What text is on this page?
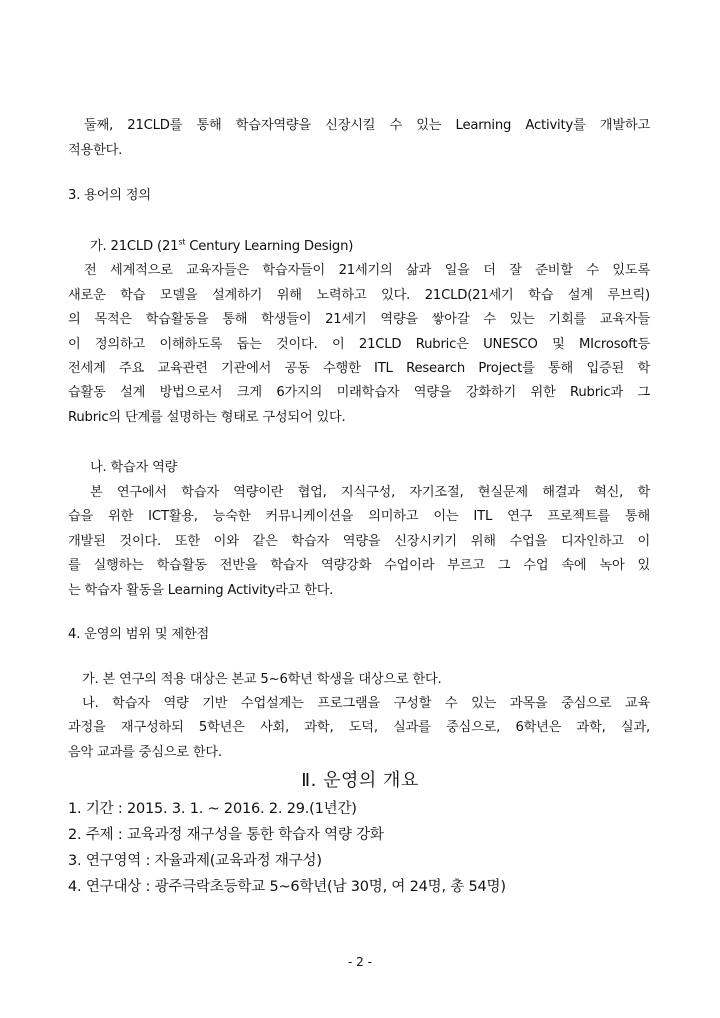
둘째, 21CLD를 통해 학습자역량을 신장시킬 수 있는 Learning Activity를 개발하고
적용한다.
3. 용어의 정의
가. 21CLD (21st Century Learning Design)
전 세계적으로 교육자들은 학습자들이 21세기의 삶과 일을 더 잘 준비할 수 있도록
새로운 학습 모델을 설계하기 위해 노력하고 있다. 21CLD(21세기 학습 설계 루브릭)
의 목적은 학습활동을 통해 학생들이 21세기 역량을 쌓아갈 수 있는 기회를 교육자들
이 정의하고 이해하도록 돕는 것이다. 이 21CLD Rubric은 UNESCO 및 MIcrosoft등
전세계 주요 교육관련 기관에서 공동 수행한 ITL Research Project를 통해 입증된 학
습활동 설계 방법으로서 크게 6가지의 미래학습자 역량을 강화하기 위한 Rubric과 그
Rubric의 단계를 설명하는 형태로 구성되어 있다.
나. 학습자 역량
본 연구에서 학습자 역량이란 협업, 지식구성, 자기조절, 현실문제 해결과 혁신, 학
습을 위한 ICT활용, 능숙한 커뮤니케이션을 의미하고 이는 ITL 연구 프로젝트를 통해
개발된 것이다. 또한 이와 같은 학습자 역량을 신장시키기 위해 수업을 디자인하고 이
를 실행하는 학습활동 전반을 학습자 역량강화 수업이라 부르고 그 수업 속에 녹아 있
는 학습자 활동을 Learning Activity라고 한다.
4. 운영의 범위 및 제한점
가. 본 연구의 적용 대상은 본교 5~6학년 학생을 대상으로 한다.
나. 학습자 역량 기반 수업설계는 프로그램을 구성할 수 있는 과목을 중심으로 교육
과정을 재구성하되 5학년은 사회, 과학, 도덕, 실과를 중심으로, 6학년은 과학, 실과,
음악 교과를 중심으로 한다.
Ⅱ. 운영의 개요
1. 기간 : 2015. 3. 1. ~ 2016. 2. 29.(1년간)
2. 주제 : 교육과정 재구성을 통한 학습자 역량 강화
3. 연구영역 : 자율과제(교육과정 재구성)
4. 연구대상 : 광주극락초등학교 5~6학년(남 30명, 여 24명, 총 54명)
- 2 -
